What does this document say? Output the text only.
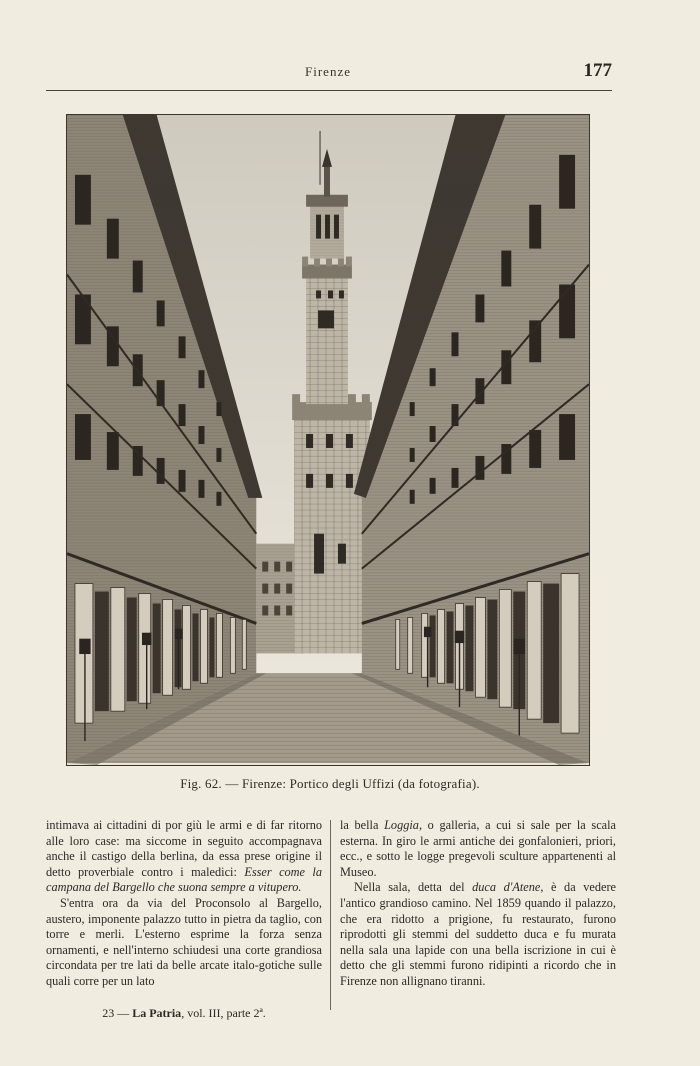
Firenze	177
Fig. 62. — Firenze: Portico degli Uffizi (da fotografia).

intimava ai cittadini di por giù le armi e di far ritorno alle loro case: ma siccome in seguito accompagnava anche il castigo della berlina, da essa prese origine il detto proverbiale contro i maledici: Esser come la campana del Bargello che suona sempre a vitupero.

S'entra ora da via del Proconsolo al Bargello, austero, imponente palazzo tutto in pietra da taglio, con torre e merli. L'esterno esprime la forza senza ornamenti, e nell'interno schiudesi una corte grandiosa circondata per tre lati da belle arcate italo-gotiche sulle quali corre per un lato

la bella Loggia, o galleria, a cui si sale per la scala esterna. In giro le armi antiche dei gonfalonieri, priori, ecc., e sotto le logge pregevoli sculture appartenenti al Museo.

Nella sala, detta del duca d'Atene, è da vedere l'antico grandioso camino. Nel 1859 quando il palazzo, che era ridotto a prigione, fu restaurato, furono riprodotti gli stemmi del suddetto duca e fu murata nella sala una lapide con una bella iscrizione in cui è detto che gli stemmi furono ridipinti a ricordo che in Firenze non allignano tiranni.

23 — La Patria, vol. III, parte 2ª.
